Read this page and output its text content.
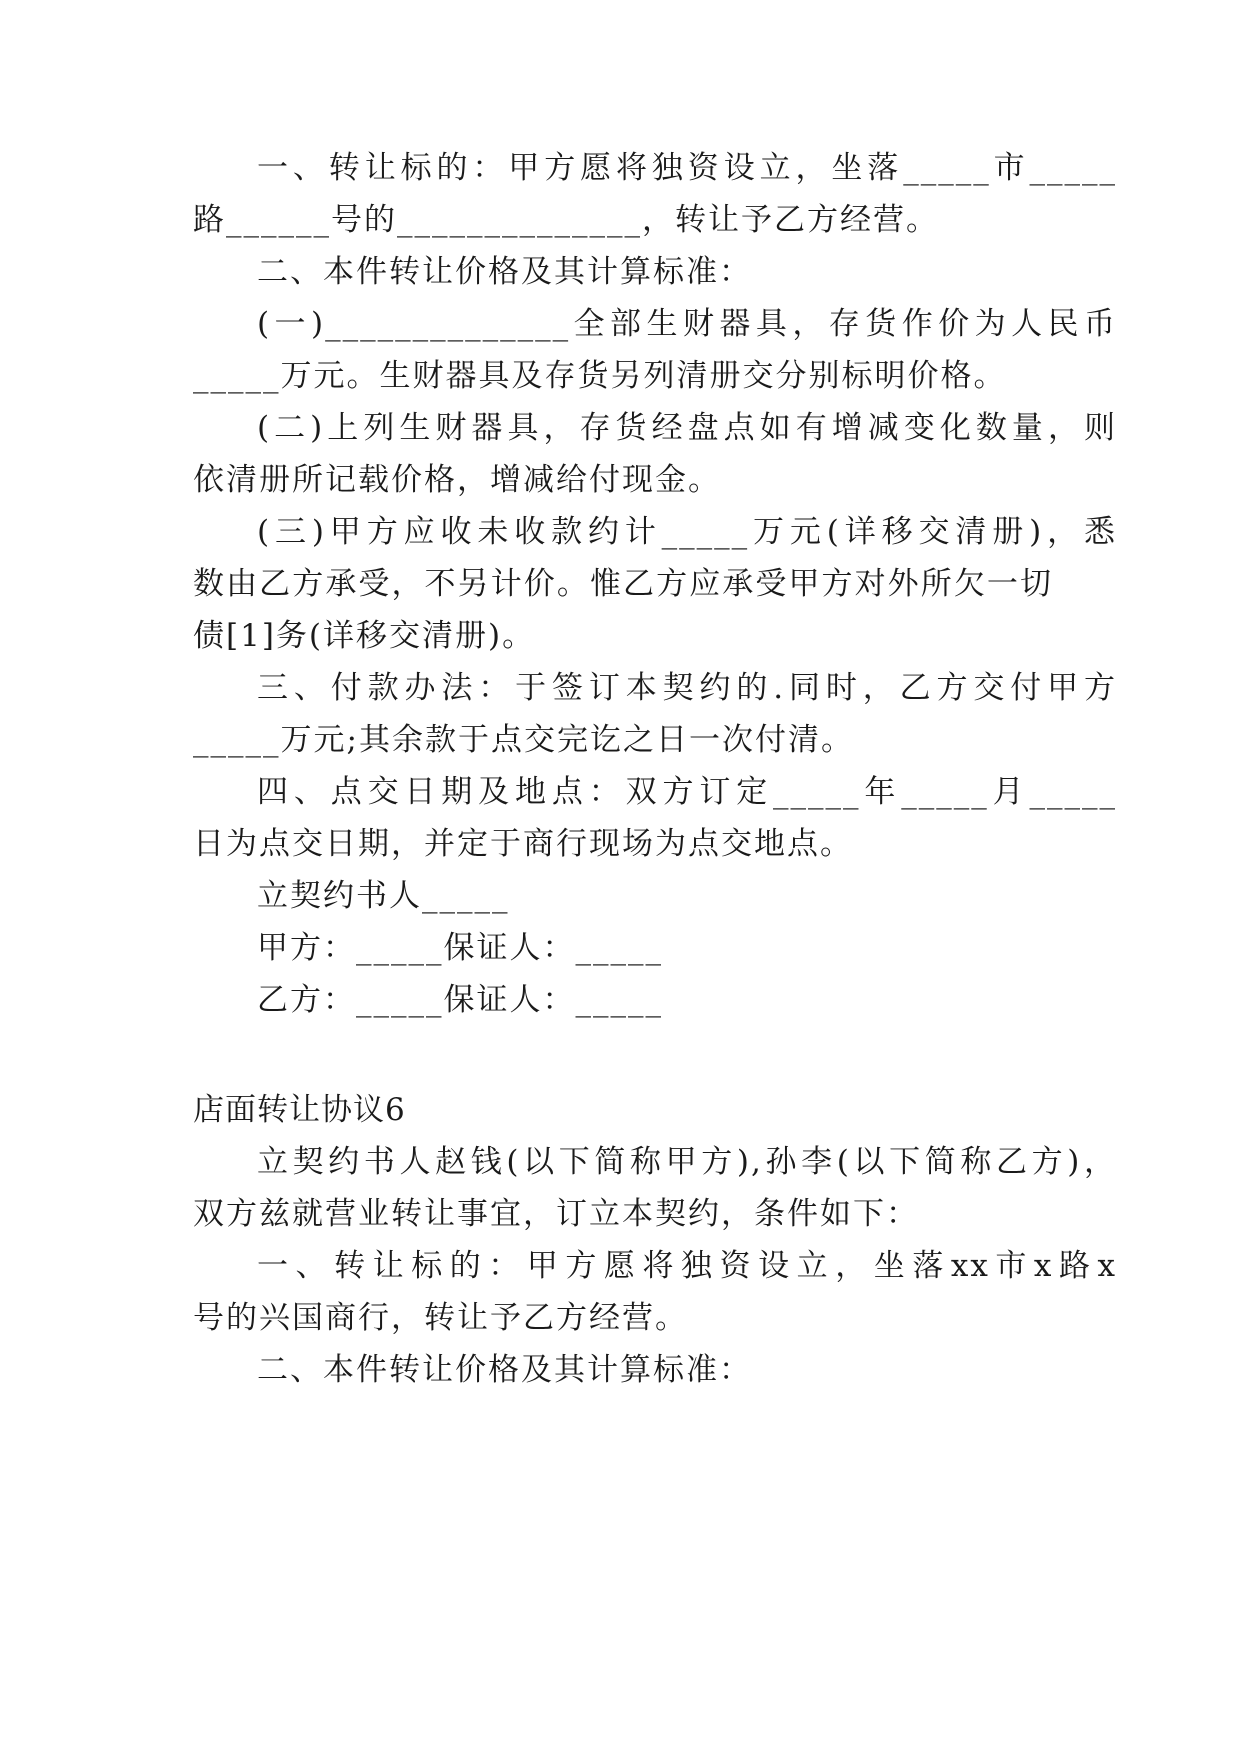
一、转让标的：甲方愿将独资设立，坐落_____市_____
路______号的______________，转让予乙方经营。
二、本件转让价格及其计算标准：
(一)______________全部生财器具，存货作价为人民币
_____万元。生财器具及存货另列清册交分别标明价格。
(二)上列生财器具，存货经盘点如有增减变化数量，则
依清册所记载价格，增减给付现金。
(三)甲方应收未收款约计_____万元(详移交清册)，悉
数由乙方承受，不另计价。惟乙方应承受甲方对外所欠一切
债[1]务(详移交清册)。
三、付款办法：于签订本契约的.同时，乙方交付甲方
_____万元;其余款于点交完讫之日一次付清。
四、点交日期及地点：双方订定_____年_____月_____
日为点交日期，并定于商行现场为点交地点。
立契约书人_____
甲方：_____保证人：_____
乙方：_____保证人：_____
店面转让协议6
立契约书人赵钱(以下简称甲方),孙李(以下简称乙方)，
双方兹就营业转让事宜，订立本契约，条件如下：
一、转让标的：甲方愿将独资设立，坐落xx市x路x
号的兴国商行，转让予乙方经营。
二、本件转让价格及其计算标准：
